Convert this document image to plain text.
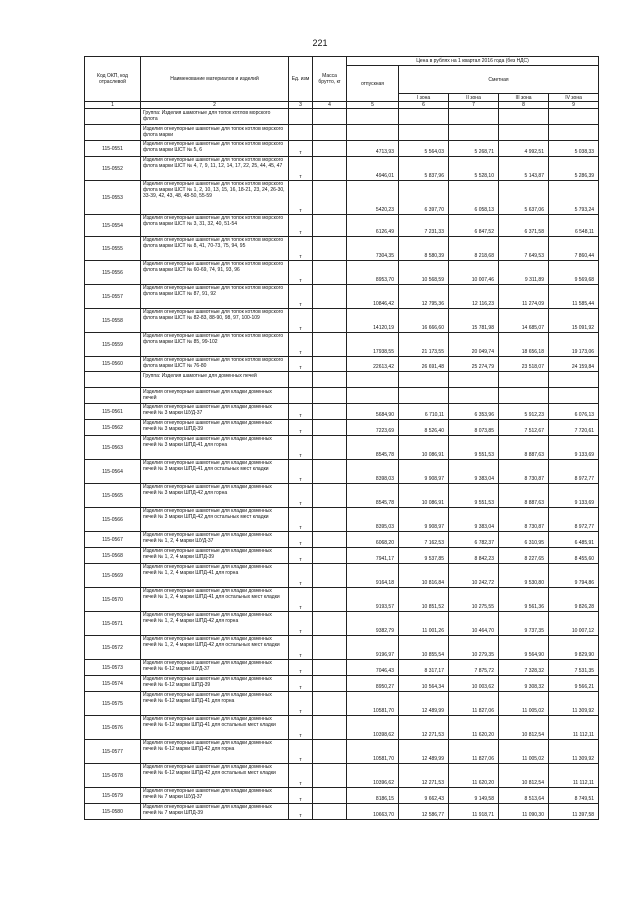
221
Код ОКП, код отраслевой	Наименование материалов и изделий	Ед. изм	Масса брутто, кг	Цена в рублях на 1 квартал 2016 года (без НДС)				
				отпускная	Сметная			
					I зона	II зона	III зона	IV зона
1	2	3	4	5	6	7	8	9
	Группа: Изделия шамотные для топок котлов морского флота							
	Изделия огнеупорные шамотные для топок котлов морского флота марки							
115-0551	Изделия огнеупорные шамотные для топок котлов морского флота марки ШСТ № 5, 6	т		4713,93	5 564,03	5 268,71	4 992,51	5 038,33
115-0552	Изделия огнеупорные шамотные для топок котлов морского флота марки ШСТ № 4, 7, 9, 11, 12, 14, 17, 22, 25, 44, 45, 47	т		4946,01	5 837,96	5 528,10	5 143,87	5 286,39
115-0553	Изделия огнеупорные шамотные для топок котлов морского флота марки ШСТ № 1, 2, 10, 13, 15, 16, 18-21, 23, 24, 26-30, 33-39, 42, 43, 48, 48-50, 55-59	т		5420,23	6 397,70	6 058,13	5 637,06	5 793,24
115-0554	Изделия огнеупорные шамотные для топок котлов морского флота марки ШСТ № 3, 31, 32, 40, 51-54	т		6126,49	7 231,33	6 847,52	6 371,58	6 548,11
115-0555	Изделия огнеупорные шамотные для топок котлов морского флота марки ШСТ № 8, 41, 70-73, 75, 94, 95	т		7304,35	8 580,39	8 218,68	7 649,53	7 860,44
115-0556	Изделия огнеупорные шамотные для топок котлов морского флота марки ШСТ № 60-69, 74, 91, 93, 96	т		8953,70	10 568,59	10 007,46	9 311,89	9 569,68
115-0557	Изделия огнеупорные шамотные для топок котлов морского флота марки ШСТ № 87, 91, 92	т		10846,42	12 795,36	12 116,23	11 274,09	11 585,44
115-0558	Изделия огнеупорные шамотные для топок котлов морского флота марки ШСТ № 82-83, 88-90, 98, 97, 100-109	т		14120,19	16 666,60	15 781,98	14 685,07	15 091,92
115-0559	Изделия огнеупорные шамотные для топок котлов морского флота марки ШСТ № 85, 99-102	т		17938,55	21 173,55	20 049,74	18 656,18	19 173,06
115-0560	Изделия огнеупорные шамотные для топок котлов морского флота марки ШСТ № 76-80	т		22613,42	26 691,48	25 274,79	23 518,07	24 159,84
	Группа: Изделия шамотные для доменных печей							
	Изделия огнеупорные шамотные для кладки доменных печей							
115-0561	Изделия огнеупорные шамотные для кладки доменных печей № 3 марки ШУД-37	т		5684,90	6 710,11	6 353,96	5 912,23	6 076,13
115-0562	Изделия огнеупорные шамотные для кладки доменных печей № 3 марки ШПД-39	т		7223,69	8 526,40	8 073,85	7 512,67	7 720,61
115-0563	Изделия огнеупорные шамотные для кладки доменных печей № 3 марки ШПД-41 для горна	т		8545,78	10 086,91	9 551,53	8 887,63	9 133,69
115-0564	Изделия огнеупорные шамотные для кладки доменных печей № 3 марки ШПД-41 для остальных мест кладки	т		8398,03	9 908,97	9 383,04	8 730,87	8 972,77
115-0565	Изделия огнеупорные шамотные для кладки доменных печей № 3 марки ШПД-42 для горна	т		8545,78	10 086,91	9 551,53	8 887,63	9 133,69
115-0566	Изделия огнеупорные шамотные для кладки доменных печей № 3 марки ШПД-42 для остальных мест кладки	т		8395,03	9 908,97	9 383,04	8 730,87	8 972,77
115-0567	Изделия огнеупорные шамотные для кладки доменных печей № 1, 2, 4 марки ШУД-37	т		6068,20	7 162,53	6 782,37	6 310,95	6 485,91
115-0568	Изделия огнеупорные шамотные для кладки доменных печей № 1, 2, 4 марки ШПД-39	т		7941,17	9 537,85	8 842,23	8 227,65	8 455,60
115-0569	Изделия огнеупорные шамотные для кладки доменных печей № 1, 2, 4 марки ШПД-41 для горна	т		9164,18	10 816,84	10 242,72	9 530,80	9 794,86
115-0570	Изделия огнеупорные шамотные для кладки доменных печей № 1, 2, 4 марки ШПД-41 для остальных мест кладки	т		9193,57	10 851,52	10 275,55	9 561,36	9 826,28
115-0571	Изделия огнеупорные шамотные для кладки доменных печей № 1, 2, 4 марки ШПД-42 для горна	т		9382,79	11 001,26	10 464,70	9 737,35	10 007,12
115-0572	Изделия огнеупорные шамотные для кладки доменных печей № 1, 2, 4 марки ШПД-42 для остальных мест кладки	т		9196,97	10 855,54	10 279,35	9 564,90	9 829,90
115-0573	Изделия огнеупорные шамотные для кладки доменных печей № 6-12 марки ШУД-37	т		7046,43	8 317,17	7 875,72	7 328,32	7 531,35
115-0574	Изделия огнеупорные шамотные для кладки доменных печей № 6-12 марки ШПД-39	т		8950,27	10 564,34	10 003,62	9 308,32	9 566,21
115-0575	Изделия огнеупорные шамотные для кладки доменных печей № 6-12 марки ШПД-41 для горна	т		10581,70	12 489,99	11 827,06	11 005,02	11 309,92
115-0576	Изделия огнеупорные шамотные для кладки доменных печей № 6-12 марки ШПД-41 для остальных мест кладки	т		10398,62	12 271,53	11 620,20	10 812,54	11 112,11
115-0577	Изделия огнеупорные шамотные для кладки доменных печей № 6-12 марки ШПД-42 для горна	т		10581,70	12 489,99	11 827,06	11 005,02	11 309,92
115-0578	Изделия огнеупорные шамотные для кладки доменных печей № 6-12 марки ШПД-42 для остальных мест кладки	т		10396,62	12 271,53	11 620,20	10 812,54	11 112,11
115-0579	Изделия огнеупорные шамотные для кладки доменных печей № 7 марки ШУД-37	т		8186,15	9 662,43	9 149,58	8 513,64	8 749,51
115-0580	Изделия огнеупорные шамотные для кладки доменных печей № 7 марки ШПД-39	т		10663,70	12 586,77	11 918,71	11 090,30	11 397,58
